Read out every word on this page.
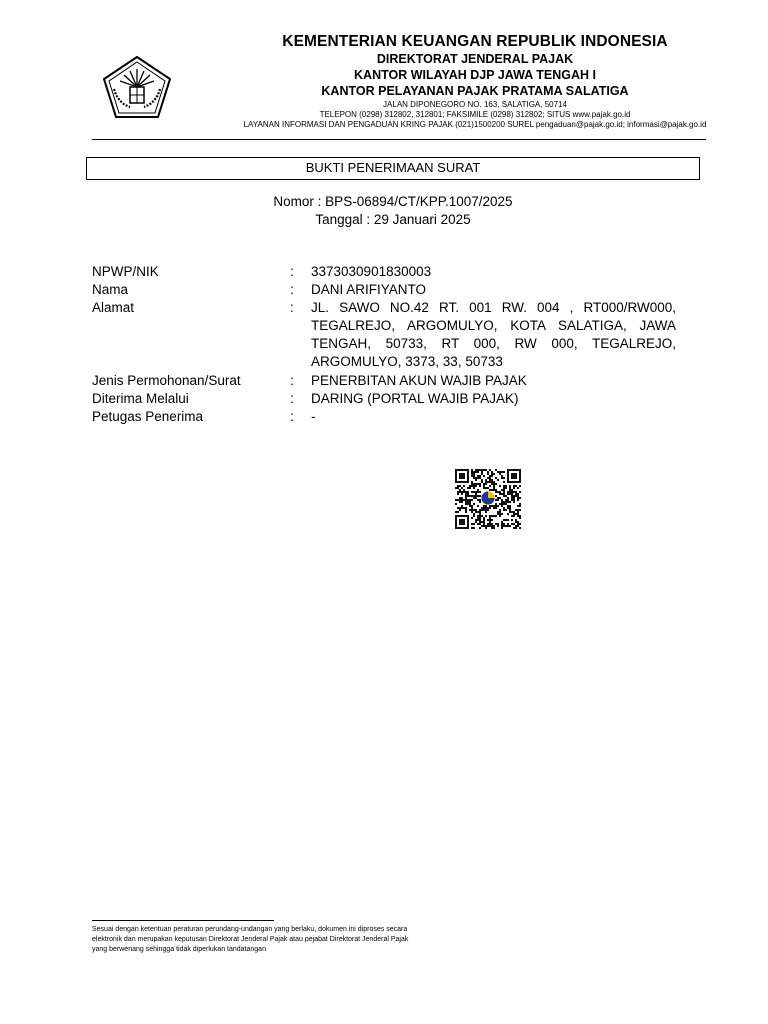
KEMENTERIAN KEUANGAN REPUBLIK INDONESIA
DIREKTORAT JENDERAL PAJAK
KANTOR WILAYAH DJP JAWA TENGAH I
KANTOR PELAYANAN PAJAK PRATAMA SALATIGA
JALAN DIPONEGORO NO. 163, SALATIGA, 50714
TELEPON (0298) 312802, 312801; FAKSIMILE (0298) 312802; SITUS www.pajak.go.id
LAYANAN INFORMASI DAN PENGADUAN KRING PAJAK (021)1500200 SUREL pengaduan@pajak.go.id; informasi@pajak.go.id
BUKTI PENERIMAAN SURAT
Nomor : BPS-06894/CT/KPP.1007/2025
Tanggal : 29 Januari 2025
NPWP/NIK	: 3373030901830003
Nama	: DANI ARIFIYANTO
Alamat	: JL. SAWO NO.42 RT. 001 RW. 004 , RT000/RW000, TEGALREJO, ARGOMULYO, KOTA SALATIGA, JAWA TENGAH, 50733, RT 000, RW 000, TEGALREJO, ARGOMULYO, 3373, 33, 50733
Jenis Permohonan/Surat	: PENERBITAN AKUN WAJIB PAJAK
Diterima Melalui	: DARING (PORTAL WAJIB PAJAK)
Petugas Penerima	: -
Sesuai dengan ketentuan peraturan perundang-undangan yang berlaku, dokumen ini diproses secara elektronik dan merupakan keputusan Direktorat Jenderal Pajak atau pejabat Direktorat Jenderal Pajak yang berwenang sehingga tidak diperlukan tandatangan
